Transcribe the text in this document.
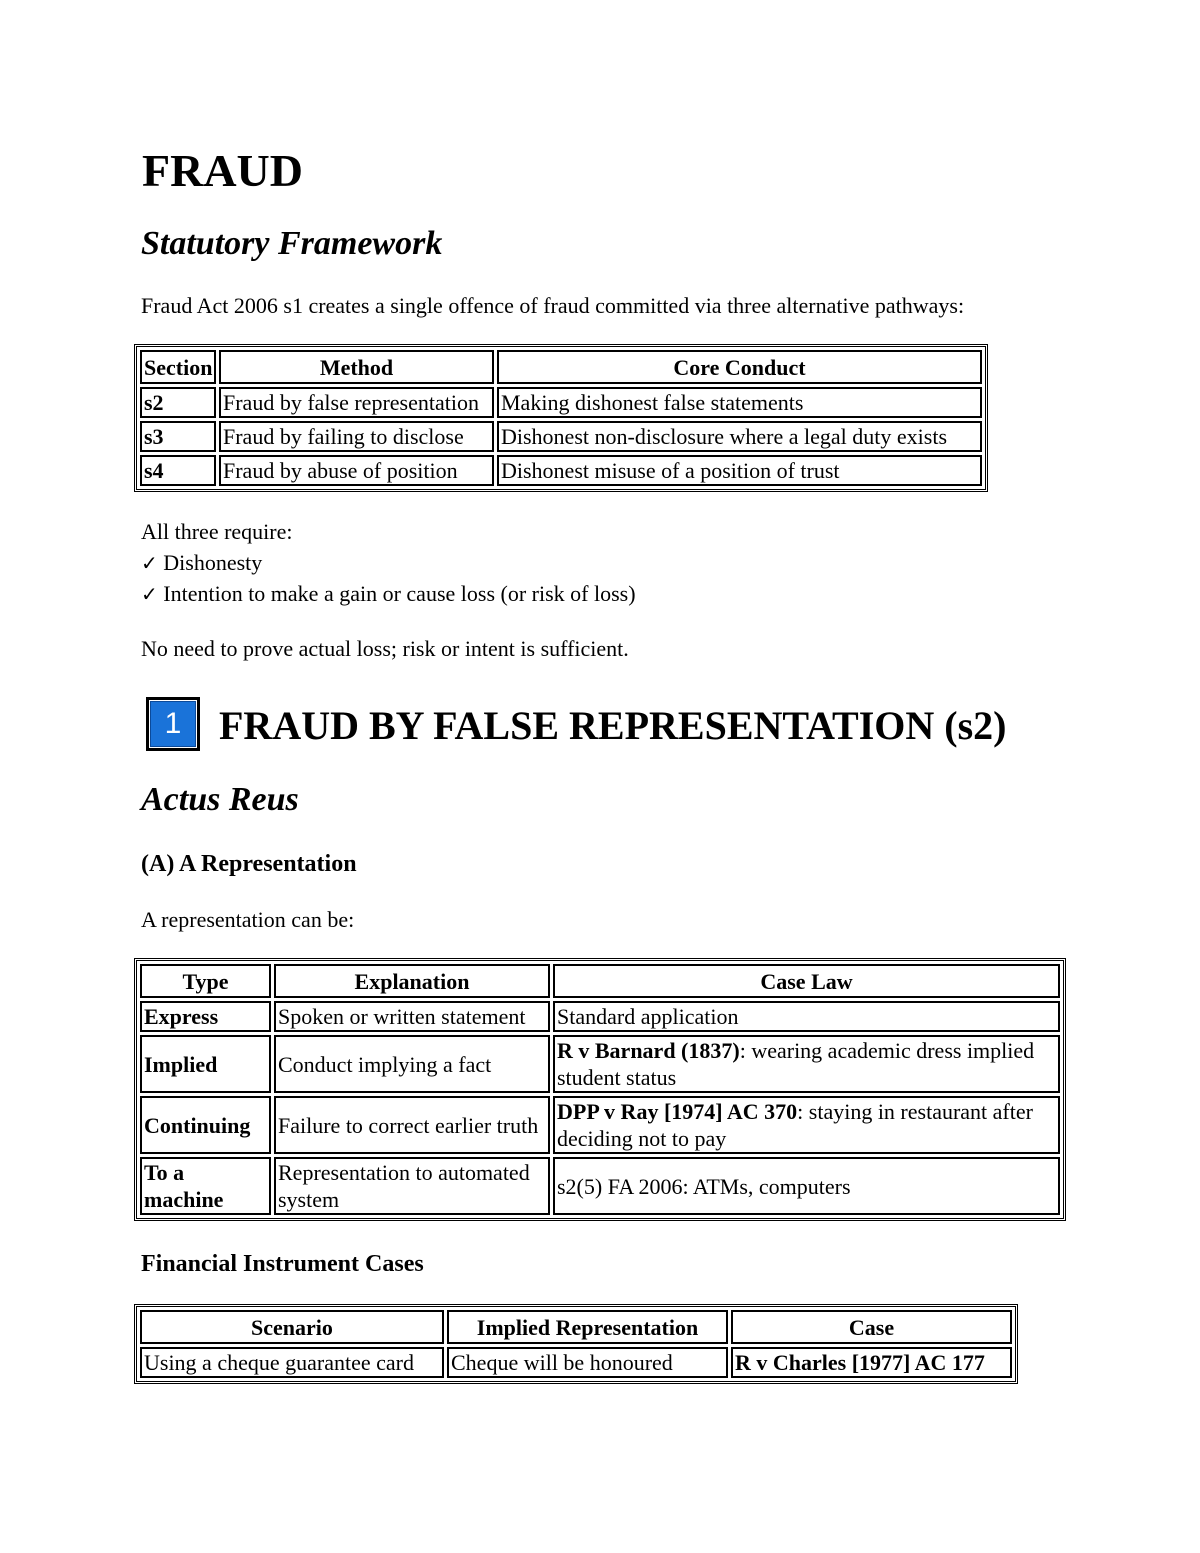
FRAUD
Statutory Framework
Fraud Act 2006 s1 creates a single offence of fraud committed via three alternative pathways:
Section	Method	Core Conduct
s2	Fraud by false representation	Making dishonest false statements
s3	Fraud by failing to disclose	Dishonest non-disclosure where a legal duty exists
s4	Fraud by abuse of position	Dishonest misuse of a position of trust
All three require:
✓ Dishonesty
✓ Intention to make a gain or cause loss (or risk of loss)
No need to prove actual loss; risk or intent is sufficient.
1 FRAUD BY FALSE REPRESENTATION (s2)
Actus Reus
(A) A Representation
A representation can be:
Type	Explanation	Case Law
Express	Spoken or written statement	Standard application
Implied	Conduct implying a fact	R v Barnard (1837): wearing academic dress implied student status
Continuing	Failure to correct earlier truth	DPP v Ray [1974] AC 370: staying in restaurant after deciding not to pay
To a machine	Representation to automated system	s2(5) FA 2006: ATMs, computers
Financial Instrument Cases
Scenario	Implied Representation	Case
Using a cheque guarantee card	Cheque will be honoured	R v Charles [1977] AC 177
